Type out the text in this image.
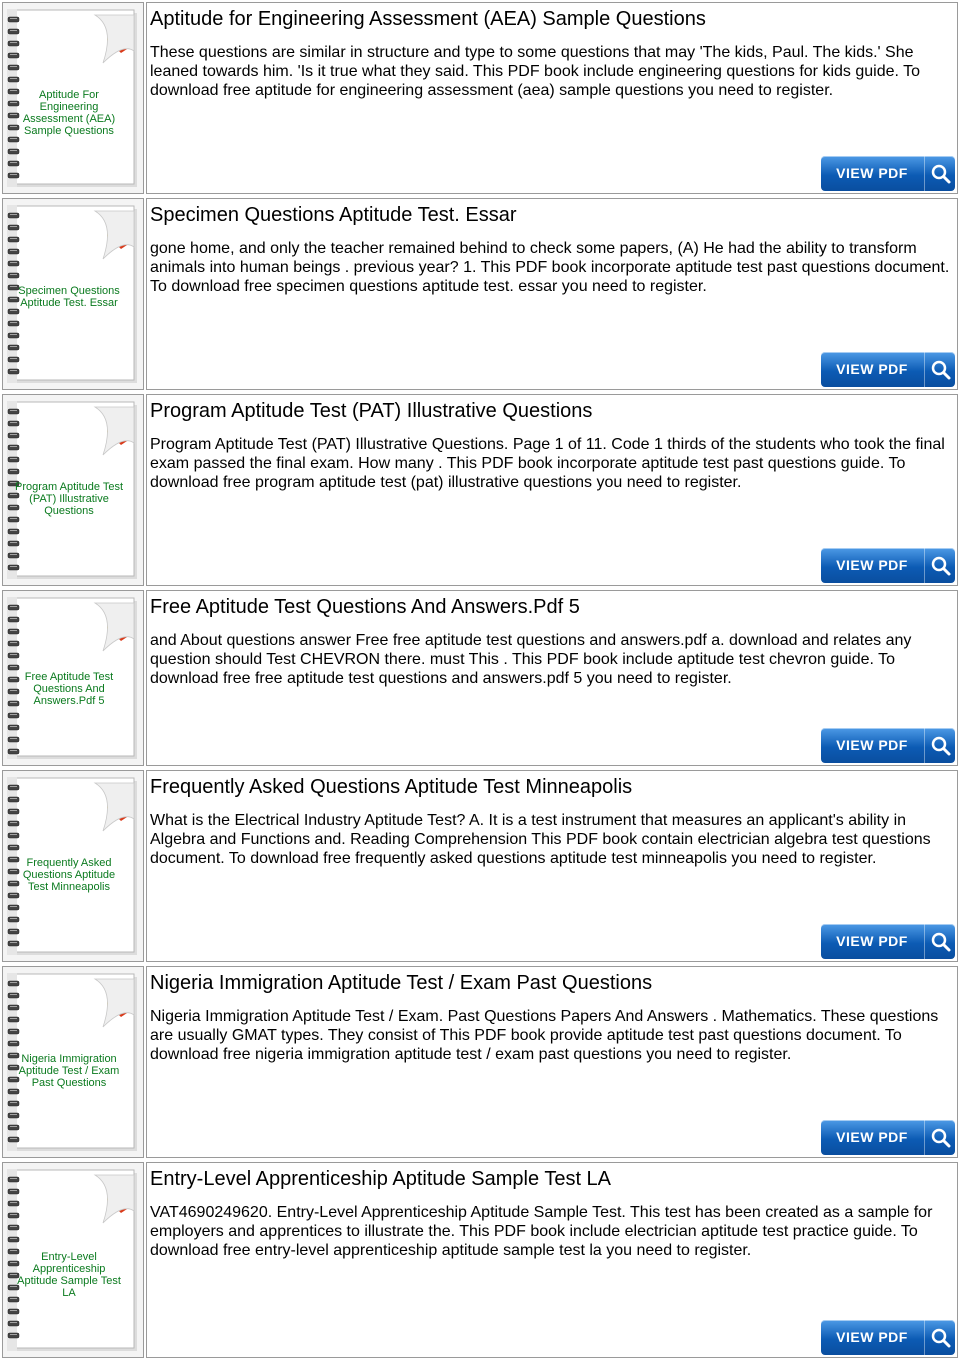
Aptitude For Engineering Assessment (AEA) Sample Questions
Aptitude for Engineering Assessment (AEA) Sample Questions

These questions are similar in structure and type to some questions that may 'The kids, Paul. The kids.' She leaned towards him. 'Is it true what they said. This PDF book include engineering questions for kids guide. To download free aptitude for engineering assessment (aea) sample questions you need to register.

VIEW PDF
Specimen Questions Aptitude Test. Essar
Specimen Questions Aptitude Test. Essar

gone home, and only the teacher remained behind to check some papers, (A) He had the ability to transform animals into human beings . previous year? 1. This PDF book incorporate aptitude test past questions document. To download free specimen questions aptitude test. essar you need to register.

VIEW PDF
Program Aptitude Test (PAT) Illustrative Questions
Program Aptitude Test (PAT) Illustrative Questions

Program Aptitude Test (PAT) Illustrative Questions. Page 1 of 11. Code 1 thirds of the students who took the final exam passed the final exam. How many . This PDF book incorporate aptitude test past questions guide. To download free program aptitude test (pat) illustrative questions you need to register.

VIEW PDF
Free Aptitude Test Questions And Answers.Pdf 5
Free Aptitude Test Questions And Answers.Pdf 5

and About questions answer Free free aptitude test questions and answers.pdf a. download and relates any question should Test CHEVRON there. must This . This PDF book include aptitude test chevron guide. To download free free aptitude test questions and answers.pdf 5 you need to register.

VIEW PDF
Frequently Asked Questions Aptitude Test Minneapolis
Frequently Asked Questions Aptitude Test Minneapolis

What is the Electrical Industry Aptitude Test? A. It is a test instrument that measures an applicant's ability in Algebra and Functions and. Reading Comprehension This PDF book contain electrician algebra test questions document. To download free frequently asked questions aptitude test minneapolis you need to register.

VIEW PDF
Nigeria Immigration Aptitude Test / Exam Past Questions
Nigeria Immigration Aptitude Test / Exam Past Questions

Nigeria Immigration Aptitude Test / Exam. Past Questions Papers And Answers . Mathematics. These questions are usually GMAT types. They consist of This PDF book provide aptitude test past questions document. To download free nigeria immigration aptitude test / exam past questions you need to register.

VIEW PDF
Entry-Level Apprenticeship Aptitude Sample Test LA
Entry-Level Apprenticeship Aptitude Sample Test LA

VAT4690249620. Entry-Level Apprenticeship Aptitude Sample Test. This test has been created as a sample for employers and apprentices to illustrate the. This PDF book include electrician aptitude test practice guide. To download free entry-level apprenticeship aptitude sample test la you need to register.

VIEW PDF
